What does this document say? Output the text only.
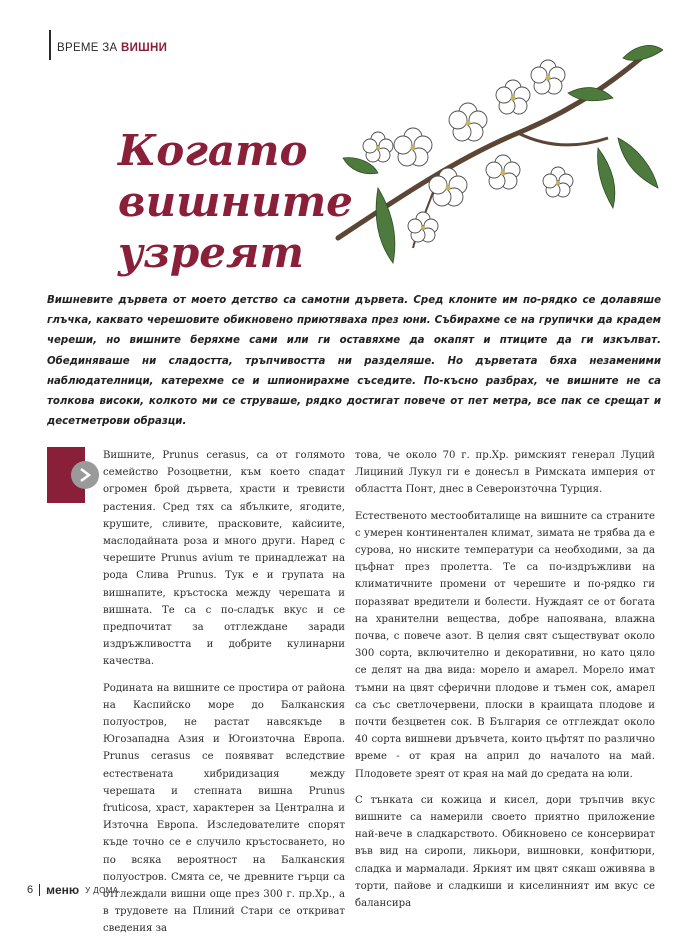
ВРЕМЕ ЗА ВИШНИ
Когато
вишните
узреят

Вишневите дървета от моето детство са самотни дървета. Сред клоните им по-рядко се долавяше глъчка, каквато черешовите обикновено приютяваха през юни. Събирахме се на групички да крадем череши, но вишните беряхме сами или ги оставяхме да окапят и птиците да ги изкълват. Обединяваше ни сладостта, тръпчивостта ни разделяше. Но дърветата бяха незаменими наблюдателници, катерехме се и шпионирахме съседите. По-късно разбрах, че вишните не са толкова високи, колкото ми се струваше, рядко достигат повече от пет метра, все пак се срещат и десетметрови образци.

Вишните, Prunus cerasus, са от голямото семейство Розоцветни, към което спадат огромен брой дървета, храсти и тревисти растения. Сред тях са ябълките, ягодите, крушите, сливите, прасковите, кайсиите, маслодайната роза и много други. Наред с черешите Prunus avium те принадлежат на рода Слива Prunus. Тук е и групата на вишнапите, кръстоска между черешата и вишната. Те са с по-сладък вкус и се предпочитат за отглеждане заради издръжливостта и добрите кулинарни качества.

Родината на вишните се простира от района на Каспийско море до Балканския полуостров, не растат навсякъде в Югозападна Азия и Югоизточна Европа. Prunus cerasus се появяват вследствие естествената хибридизация между черешата и степната вишна Prunus fruticosa, храст, характерен за Централна и Източна Европа. Изследователите спорят къде точно се е случило кръстосването, но по всяка вероятност на Балканския полуостров. Смята се, че древните гърци са отглеждали вишни още през 300 г. пр.Хр., а в трудовете на Плиний Стари се откриват сведения за

това, че около 70 г. пр.Хр. римският генерал Луций Лициний Лукул ги е донесъл в Римската империя от областта Понт, днес в Североизточна Турция.

Естественото местообиталище на вишните са страните с умерен континентален климат, зимата не трябва да е сурова, но ниските температури са необходими, за да цъфнат през пролетта. Те са по-издръжливи на климатичните промени от черешите и по-рядко ги поразяват вредители и болести. Нуждаят се от богата на хранителни вещества, добре напоявана, влажна почва, с повече азот. В целия свят съществуват около 300 сорта, включително и декоративни, но като цяло се делят на два вида: морело и амарел. Морело имат тъмни на цвят сферични плодове и тъмен сок, амарел са със светлочервени, плоски в краищата плодове и почти безцветен сок. В България се отглеждат около 40 сорта вишневи дръвчета, които цъфтят по различно време - от края на април до началото на май. Плодовете зреят от края на май до средата на юли.

С тънката си кожица и кисел, дори тръпчив вкус вишните са намерили своето приятно приложение най-вече в сладкарството. Обикновено се консервират във вид на сиропи, ликьори, вишновки, конфитюри, сладка и мармалади. Яркият им цвят сякаш оживява в торти, пайове и сладкиши и киселинният им вкус се балансира

6 меню У ДОМА
